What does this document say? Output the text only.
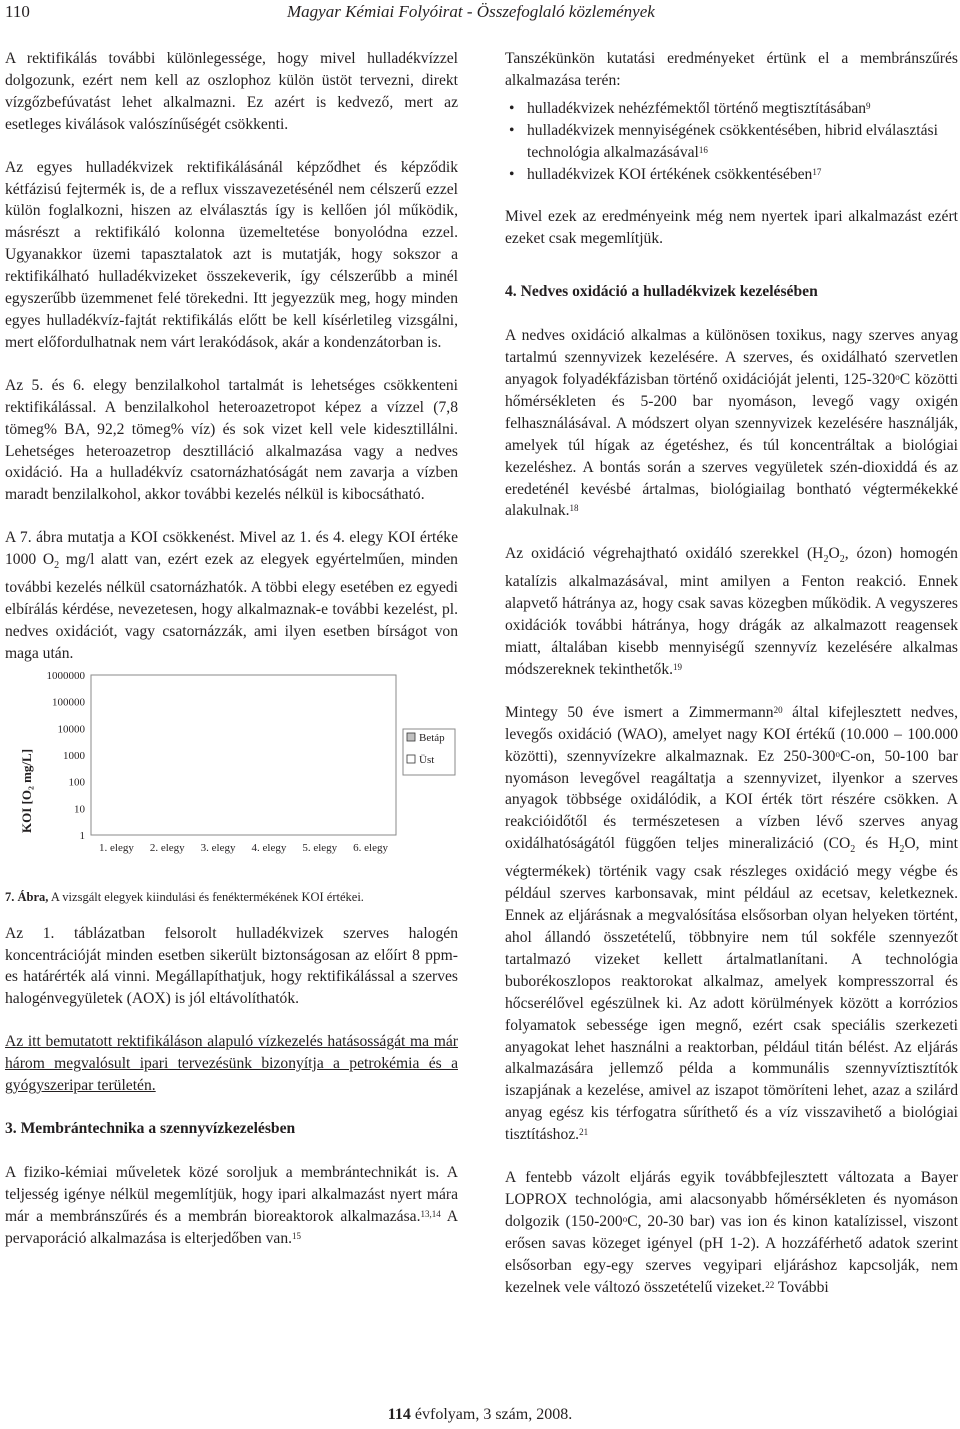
110	Magyar Kémiai Folyóirat - Összefoglaló közlemények

A rektifikálás további különlegessége, hogy mivel hulladékvízzel dolgozunk, ezért nem kell az oszlophoz külön üstöt tervezni, direkt vízgőzbefúvatást lehet alkalmazni. Ez azért is kedvező, mert az esetleges kiválások valószínűségét csökkenti.

Az egyes hulladékvizek rektifikálásánál képződhet és képződik kétfázisú fejtermék is, de a reflux visszavezetésénél nem célszerű ezzel külön foglalkozni, hiszen az elválasztás így is kellően jól működik, másrészt a rektifikáló kolonna üzemeltetése bonyolódna ezzel. Ugyanakkor üzemi tapasztalatok azt is mutatják, hogy sokszor a rektifikálható hulladékvizeket összekeverik, így célszerűbb a minél egyszerűbb üzemmenet felé törekedni. Itt jegyezzük meg, hogy minden egyes hulladékvíz-fajtát rektifikálás előtt be kell kísérletileg vizsgálni, mert előfordulhatnak nem várt lerakódások, akár a kondenzátorban is.

Az 5. és 6. elegy benzilalkohol tartalmát is lehetséges csökkenteni rektifikálással. A benzilalkohol heteroazetropot képez a vízzel (7,8 tömeg% BA, 92,2 tömeg% víz) és sok vizet kell vele kidesztillálni. Lehetséges heteroazetrop desztilláció alkalmazása vagy a nedves oxidáció. Ha a hulladékvíz csatornázhatóságát nem zavarja a vízben maradt benzilalkohol, akkor további kezelés nélkül is kibocsátható.

A 7. ábra mutatja a KOI csökkenést. Mivel az 1. és 4. elegy KOI értéke 1000 $O_2$ mg/l alatt van, ezért ezek az elegyek egyértelműen, minden további kezelés nélkül csatornázhatók. A többi elegy esetében ez egyedi elbírálás kérdése, nevezetesen, hogy alkalmaznak-e további kezelést, pl. nedves oxidációt, vagy csatornázzák, ami ilyen esetben bírságot von maga után.

KOI [O₂ mg/L]
1
10
100
1000
10000
100000
1000000
1. elegy 2. elegy 3. elegy 4. elegy 5. elegy 6. elegy
Betáp
Üst
7. Ábra, A vizsgált elegyek kiindulási és fenéktermékének KOI értékei.

Az 1. táblázatban felsorolt hulladékvizek szerves halogén koncentrációját minden esetben sikerült biztonságosan az előírt 8 ppm-es határérték alá vinni. Megállapíthatjuk, hogy rektifikálással a szerves halogénvegyületek (AOX) is jól eltávolíthatók.

Az itt bemutatott rektifikáláson alapuló vízkezelés hatásosságát ma már három megvalósult ipari tervezésünk bizonyítja a petrokémia és a gyógyszeripar területén.

3. Membrántechnika a szennyvízkezelésben

A fiziko-kémiai műveletek közé soroljuk a membrántechnikát is. A teljesség igénye nélkül megemlítjük, hogy ipari alkalmazást nyert mára már a membránszűrés és a membrán bioreaktorok alkalmazása.$^{13,14}$ A pervaporáció alkalmazása is elterjedőben van.$^{15}$

Tanszékünkön kutatási eredményeket értünk el a membránszűrés alkalmazása terén:

• hulladékvizek nehézfémektől történő megtisztításában$^9$
• hulladékvizek mennyiségének csökkentésében, hibrid elválasztási technológia alkalmazásával$^{16}$
• hulladékvizek KOI értékének csökkentésében$^{17}$

Mivel ezek az eredményeink még nem nyertek ipari alkalmazást ezért ezeket csak megemlítjük.

4. Nedves oxidáció a hulladékvizek kezelésében

A nedves oxidáció alkalmas a különösen toxikus, nagy szerves anyag tartalmú szennyvizek kezelésére. A szerves, és oxidálható szervetlen anyagok folyadékfázisban történő oxidációját jelenti, 125-320$^o$C közötti hőmérsékleten és 5-200 bar nyomáson, levegő vagy oxigén felhasználásával. A módszert olyan szennyvizek kezelésére használják, amelyek túl hígak az égetéshez, és túl koncentráltak a biológiai kezeléshez. A bontás során a szerves vegyületek szén-dioxiddá és az eredeténél kevésbé ártalmas, biológiailag bontható végtermékekké alakulnak.$^{18}$

Az oxidáció végrehajtható oxidáló szerekkel ($H_2O_2$, ózon) homogén katalízis alkalmazásával, mint amilyen a Fenton reakció. Ennek alapvető hátránya az, hogy csak savas közegben működik. A vegyszeres oxidációk további hátránya, hogy drágák az alkalmazott reagensek miatt, általában kisebb mennyiségű szennyvíz kezelésére alkalmas módszereknek tekinthetők.$^{19}$

Mintegy 50 éve ismert a Zimmermann$^{20}$ által kifejlesztett nedves, levegős oxidáció (WAO), amelyet nagy KOI értékű (10.000 – 100.000 közötti), szennyvízekre alkalmaznak. Ez 250-300$^o$C-on, 50-100 bar nyomáson levegővel reagáltatja a szennyvizet, ilyenkor a szerves anyagok többsége oxidálódik, a KOI érték tört részére csökken. A reakcióidőtől és természetesen a vízben lévő szerves anyag oxidálhatóságától függően teljes mineralizáció ($CO_2$ és $H_2O$, mint végtermékek) történik vagy csak részleges oxidáció megy végbe és például szerves karbonsavak, mint például az ecetsav, keletkeznek. Ennek az eljárásnak a megvalósítása elsősorban olyan helyeken történt, ahol állandó összetételű, többnyire nem túl sokféle szennyezőt tartalmazó vizeket kellett ártalmatlanítani. A technológia buborékoszlopos reaktorokat alkalmaz, amelyek kompresszorral és hőcserélővel egészülnek ki. Az adott körülmények között a korrózios folyamatok sebessége igen megnő, ezért csak speciális szerkezeti anyagokat lehet használni a reaktorban, például titán bélést. Az eljárás alkalmazására jellemző példa a kommunális szennyvíztisztítók iszapjának a kezelése, amivel az iszapot tömöríteni lehet, azaz a szilárd anyag egész kis térfogatra sűríthető és a víz visszavihető a biológiai tisztításhoz.$^{21}$

A fentebb vázolt eljárás egyik továbbfejlesztett változata a Bayer LOPROX technológia, ami alacsonyabb hőmérsékleten és nyomáson dolgozik (150-200$^o$C, 20-30 bar) vas ion és kinon katalízissel, viszont erősen savas közeget igényel (pH 1-2). A hozzáférhető adatok szerint elsősorban egy-egy szerves vegyipari eljáráshoz kapcsolják, nem kezelnek vele változó összetételű vizeket.$^{22}$ További

114 évfolyam, 3 szám, 2008.
